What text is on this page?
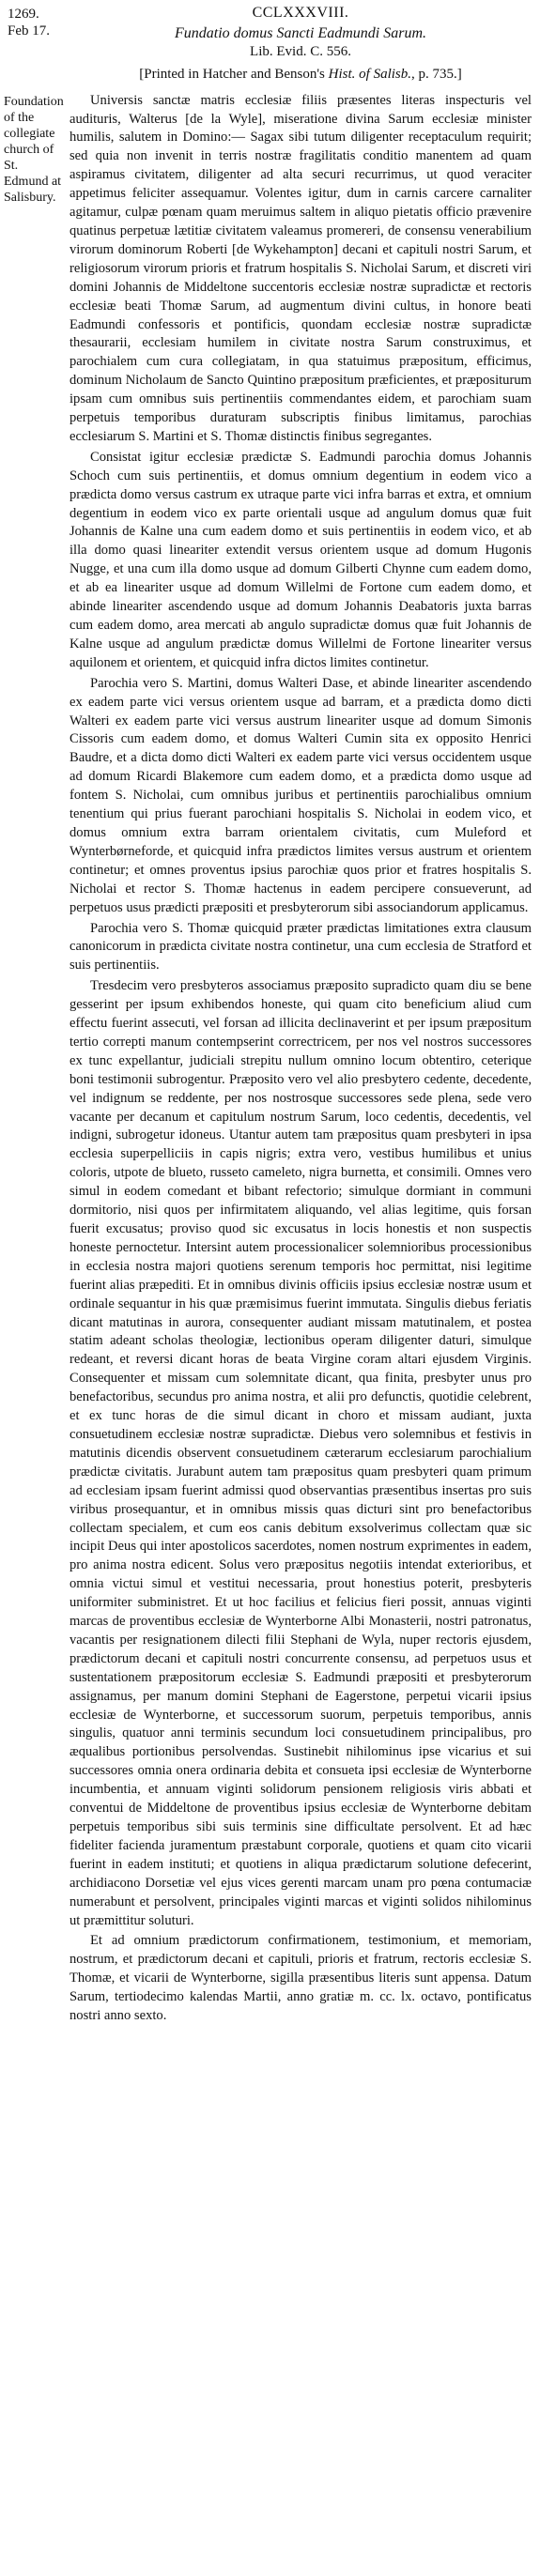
1269.
Feb 17.
Foundation of the collegiate church of St. Edmund at Salisbury.
CCLXXXVIII.
Fundatio domus Sancti Eadmundi Sarum.
Lib. Evid. C. 556.
[Printed in Hatcher and Benson's Hist. of Salisb., p. 735.]

Universis sanctæ matris ecclesiæ filiis præsentes literas inspecturis vel audituris, Walterus [de la Wyle], miseratione divina Sarum ecclesiæ minister humilis, salutem in Domino:— Sagax sibi tutum diligenter receptaculum requirit; sed quia non invenit in terris nostræ fragilitatis conditio manentem ad quam aspiramus civitatem, diligenter ad alta securi recurrimus, ut quod veraciter appetimus feliciter assequamur. Volentes igitur, dum in carnis carcere carnaliter agitamur, culpæ pœnam quam meruimus saltem in aliquo pietatis officio prævenire quatinus perpetuæ lætitiæ civitatem valeamus promereri, de consensu venerabilium virorum dominorum Roberti [de Wykehampton] decani et capituli nostri Sarum, et religiosorum virorum prioris et fratrum hospitalis S. Nicholai Sarum, et discreti viri domini Johannis de Middeltone succentoris ecclesiæ nostræ supradictæ et rectoris ecclesiæ beati Thomæ Sarum, ad augmentum divini cultus, in honore beati Eadmundi confessoris et pontificis, quondam ecclesiæ nostræ supradictæ thesaurarii, ecclesiam humilem in civitate nostra Sarum construximus, et parochialem cum cura collegiatam, in qua statuimus præpositum, efficimus, dominum Nicholaum de Sancto Quintino præpositum præficientes, et præpositurum ipsam cum omnibus suis pertinentiis commendantes eidem, et parochiam suam perpetuis temporibus duraturam subscriptis finibus limitamus, parochias ecclesiarum S. Martini et S. Thomæ distinctis finibus segregantes.

Consistat igitur ecclesiæ prædictæ S. Eadmundi parochia domus Johannis Schoch cum suis pertinentiis, et domus omnium degentium in eodem vico a prædicta domo versus castrum ex utraque parte vici infra barras et extra, et omnium degentium in eodem vico ex parte orientali usque ad angulum domus quæ fuit Johannis de Kalne una cum eadem domo et suis pertinentiis in eodem vico, et ab illa domo quasi lineariter extendit versus orientem usque ad domum Hugonis Nugge, et una cum illa domo usque ad domum Gilberti Chynne cum eadem domo, et ab ea lineariter usque ad domum Willelmi de Fortone cum eadem domo, et abinde lineariter ascendendo usque ad domum Johannis Deabatoris juxta barras cum eadem domo, area mercati ab angulo supradictæ domus quæ fuit Johannis de Kalne usque ad angulum prædictæ domus Willelmi de Fortone lineariter versus aquilonem et orientem, et quicquid infra dictos limites continetur.

Parochia vero S. Martini, domus Walteri Dase, et abinde lineariter ascendendo ex eadem parte vici versus orientem usque ad barram, et a prædicta domo dicti Walteri ex eadem parte vici versus austrum lineariter usque ad domum Simonis Cissoris cum eadem domo, et domus Walteri Cumin sita ex opposito Henrici Baudre, et a dicta domo dicti Walteri ex eadem parte vici versus occidentem usque ad domum Ricardi Blakemore cum eadem domo, et a prædicta domo usque ad fontem S. Nicholai, cum omnibus juribus et pertinentiis parochialibus omnium tenentium qui prius fuerant parochiani hospitalis S. Nicholai in eodem vico, et domus omnium extra barram orientalem civitatis, cum Muleford et Wynterbørneforde, et quicquid infra prædictos limites versus austrum et orientem continetur; et omnes proventus ipsius parochiæ quos prior et fratres hospitalis S. Nicholai et rector S. Thomæ hactenus in eadem percipere consueverunt, ad perpetuos usus prædicti præpositi et presbyterorum sibi associandorum applicamus.

Parochia vero S. Thomæ quicquid præter prædictas limitationes extra clausum canonicorum in prædicta civitate nostra continetur, una cum ecclesia de Stratford et suis pertinentiis.

Tresdecim vero presbyteros associamus præposito supradicto quam diu se bene gesserint per ipsum exhibendos honeste, qui quam cito beneficium aliud cum effectu fuerint assecuti, vel forsan ad illicita declinaverint et per ipsum præpositum tertio correpti manum contempserint correctricem, per nos vel nostros successores ex tunc expellantur, judiciali strepitu nullum omnino locum obtentiro, ceterique boni testimonii subrogentur. Præposito vero vel alio presbytero cedente, decedente, vel indignum se reddente, per nos nostrosque successores sede plena, sede vero vacante per decanum et capitulum nostrum Sarum, loco cedentis, decedentis, vel indigni, subrogetur idoneus. Utantur autem tam præpositus quam presbyteri in ipsa ecclesia superpelliciis in capis nigris; extra vero, vestibus humilibus et unius coloris, utpote de blueto, russeto cameleto, nigra burnetta, et consimili. Omnes vero simul in eodem comedant et bibant refectorio; simulque dormiant in communi dormitorio, nisi quos per infirmitatem aliquando, vel alias legitime, quis forsan fuerit excusatus; proviso quod sic excusatus in locis honestis et non suspectis honeste pernoctetur. Intersint autem processionalicer solemnioribus processionibus in ecclesia nostra majori quotiens serenum temporis hoc permittat, nisi legitime fuerint alias præpediti. Et in omnibus divinis officiis ipsius ecclesiæ nostræ usum et ordinale sequantur in his quæ præmisimus fuerint immutata. Singulis diebus feriatis dicant matutinas in aurora, consequenter audiant missam matutinalem, et postea statim adeant scholas theologiæ, lectionibus operam diligenter daturi, simulque redeant, et reversi dicant horas de beata Virgine coram altari ejusdem Virginis. Consequenter et missam cum solemnitate dicant, qua finita, presbyter unus pro benefactoribus, secundus pro anima nostra, et alii pro defunctis, quotidie celebrent, et ex tunc horas de die simul dicant in choro et missam audiant, juxta consuetudinem ecclesiæ nostræ supradictæ. Diebus vero solemnibus et festivis in matutinis dicendis observent consuetudinem cæterarum ecclesiarum parochialium prædictæ civitatis. Jurabunt autem tam præpositus quam presbyteri quam primum ad ecclesiam ipsam fuerint admissi quod observantias præsentibus insertas pro suis viribus prosequantur, et in omnibus missis quas dicturi sint pro benefactoribus collectam specialem, et cum eos canis debitum exsolverimus collectam quæ sic incipit Deus qui inter apostolicos sacerdotes, nomen nostrum exprimentes in eadem, pro anima nostra edicent. Solus vero præpositus negotiis intendat exterioribus, et omnia victui simul et vestitui necessaria, prout honestius poterit, presbyteris uniformiter subministret. Et ut hoc facilius et felicius fieri possit, annuas viginti marcas de proventibus ecclesiæ de Wynterborne Albi Monasterii, nostri patronatus, vacantis per resignationem dilecti filii Stephani de Wyla, nuper rectoris ejusdem, prædictorum decani et capituli nostri concurrente consensu, ad perpetuos usus et sustentationem præpositorum ecclesiæ S. Eadmundi præpositi et presbyterorum assignamus, per manum domini Stephani de Eagerstone, perpetui vicarii ipsius ecclesiæ de Wynterborne, et successorum suorum, perpetuis temporibus, annis singulis, quatuor anni terminis secundum loci consuetudinem principalibus, pro æqualibus portionibus persolvendas. Sustinebit nihilominus ipse vicarius et sui successores omnia onera ordinaria debita et consueta ipsi ecclesiæ de Wynterborne incumbentia, et annuam viginti solidorum pensionem religiosis viris abbati et conventui de Middeltone de proventibus ipsius ecclesiæ de Wynterborne debitam perpetuis temporibus sibi suis terminis sine difficultate persolvent. Et ad hæc fideliter facienda juramentum præstabunt corporale, quotiens et quam cito vicarii fuerint in eadem instituti; et quotiens in aliqua prædictarum solutione defecerint, archidiacono Dorsetiæ vel ejus vices gerenti marcam unam pro pœna contumaciæ numerabunt et persolvent, principales viginti marcas et viginti solidos nihilominus ut præmittitur soluturi.

Et ad omnium prædictorum confirmationem, testimonium, et memoriam, nostrum, et prædictorum decani et capituli, prioris et fratrum, rectoris ecclesiæ S. Thomæ, et vicarii de Wynterborne, sigilla præsentibus literis sunt appensa. Datum Sarum, tertiodecimo kalendas Martii, anno gratiæ m. cc. lx. octavo, pontificatus nostri anno sexto.
